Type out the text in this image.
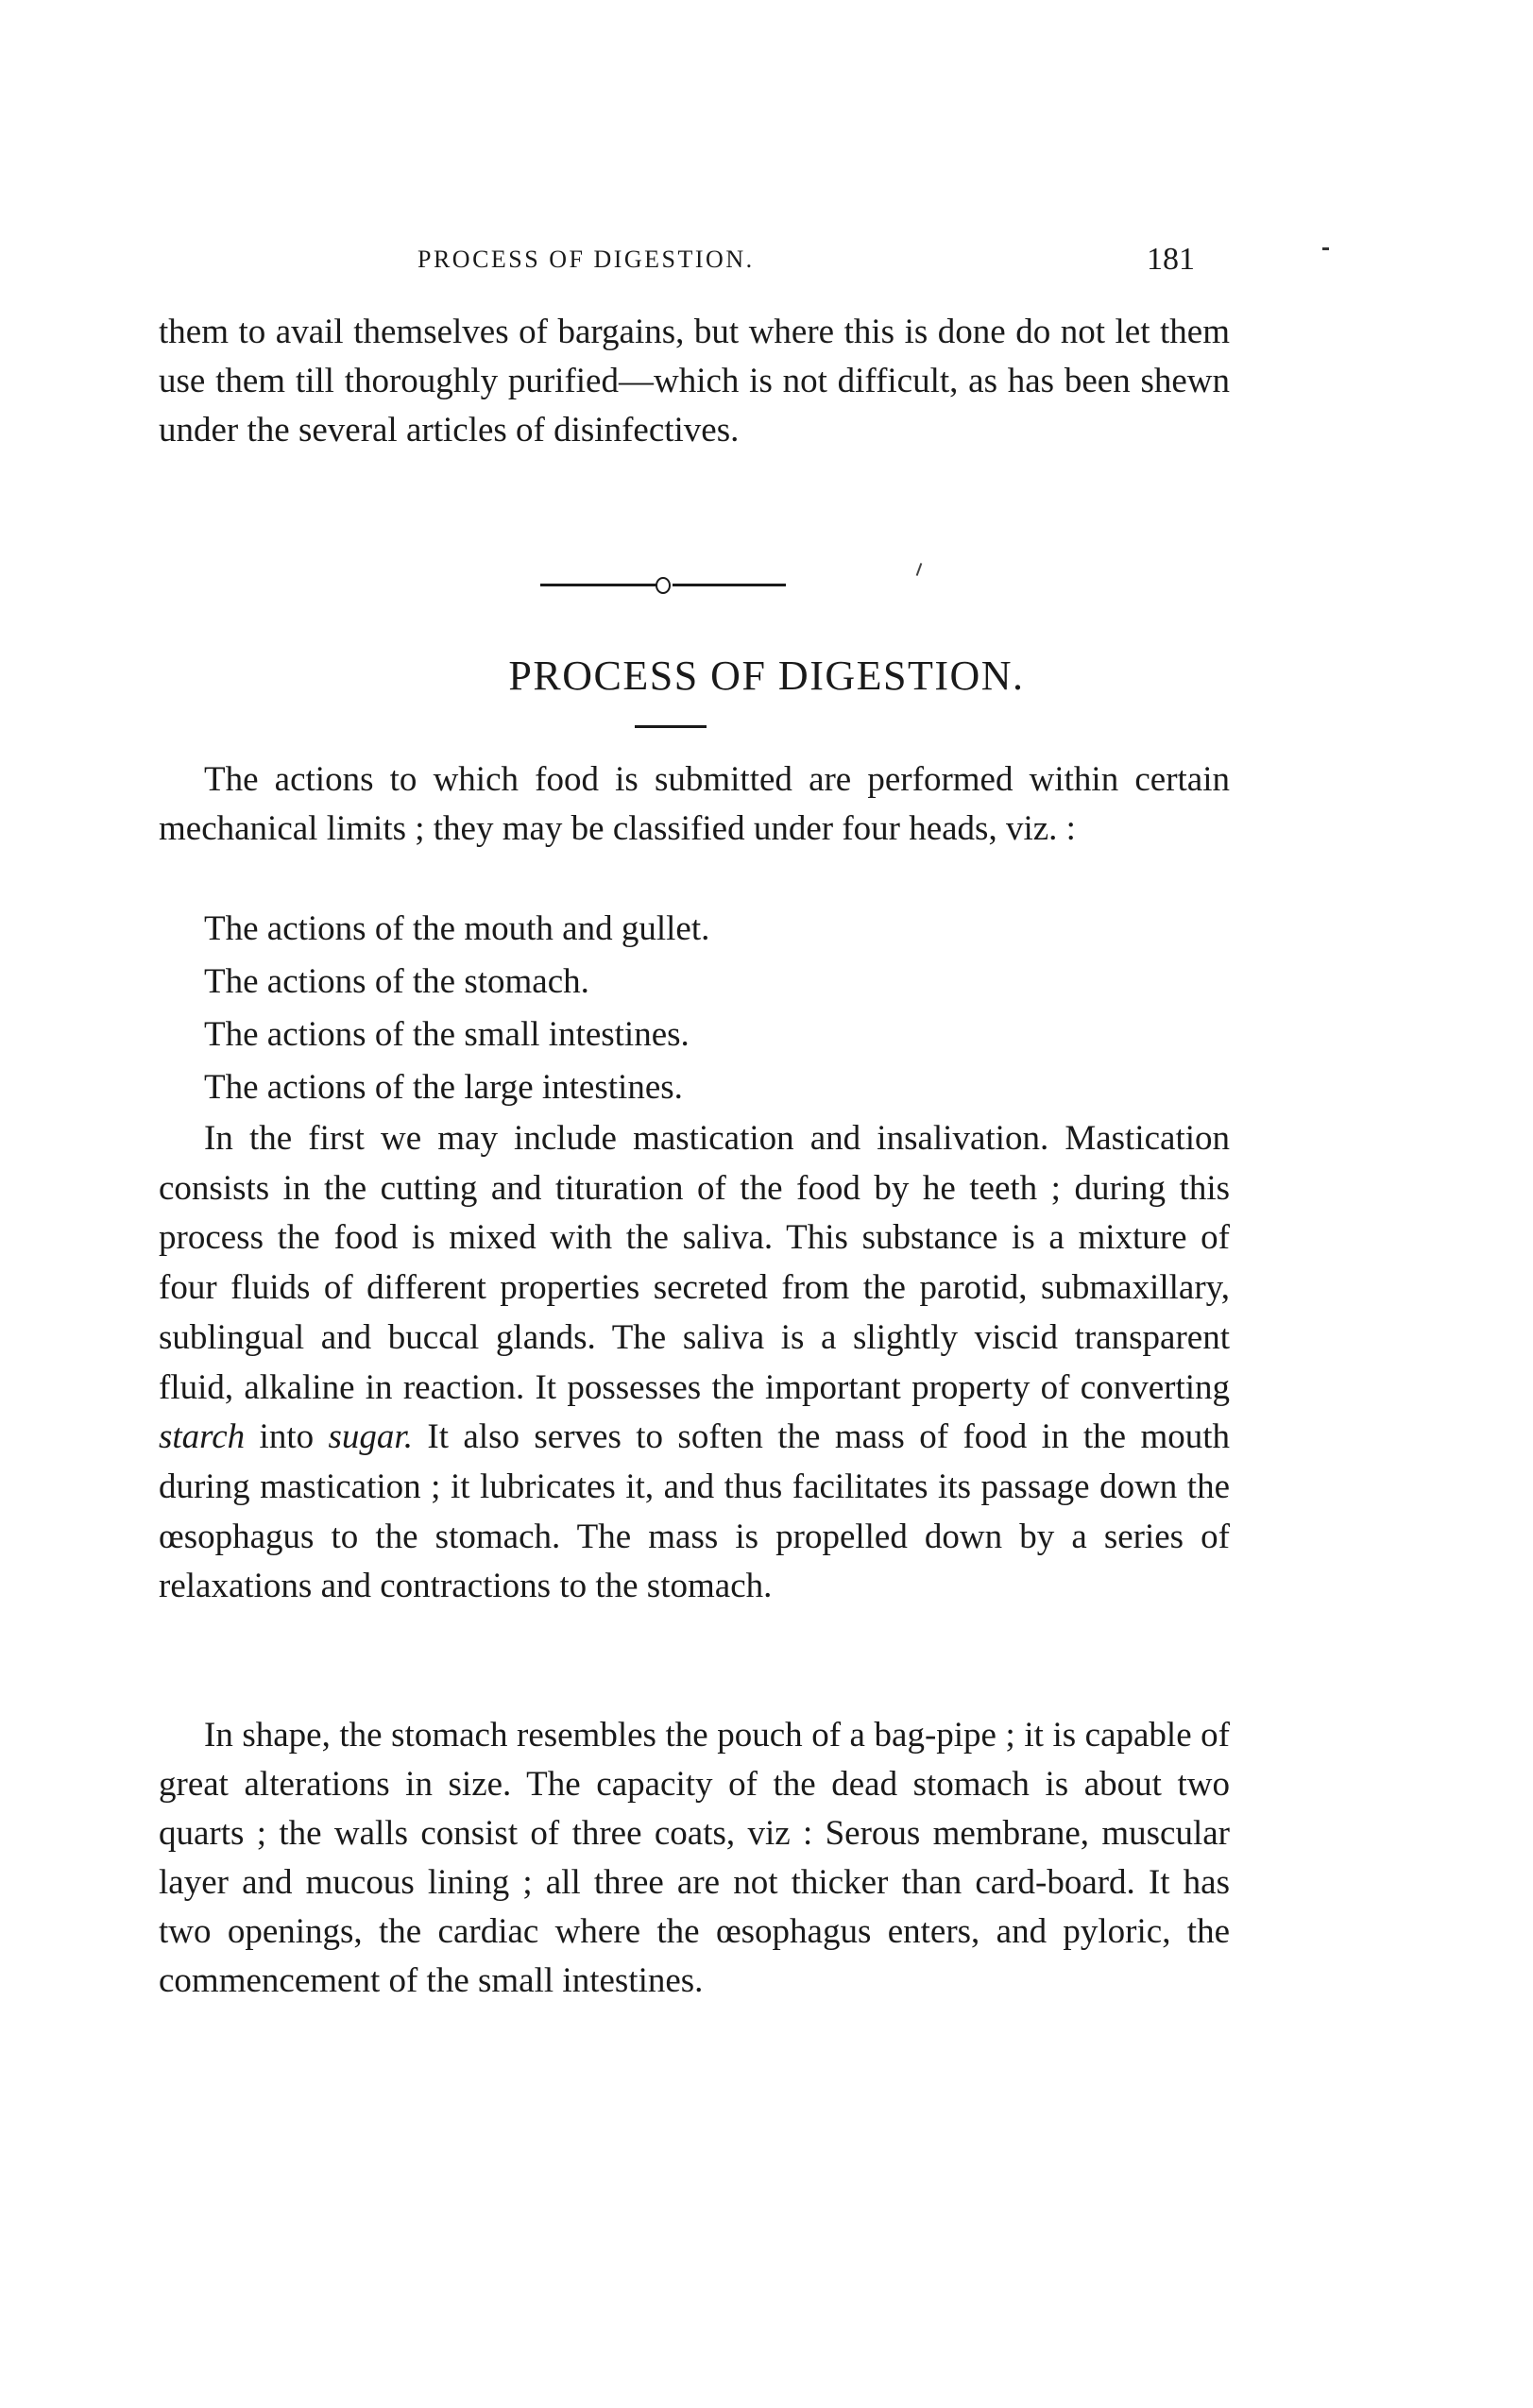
PROCESS OF DIGESTION.	181

them to avail themselves of bargains, but where this is done do not let them use them till thoroughly purified—which is not difficult, as has been shewn under the several articles of disinfectives.

PROCESS OF DIGESTION.

The actions to which food is submitted are performed within certain mechanical limits ; they may be classified under four heads, viz. :

The actions of the mouth and gullet.
The actions of the stomach.
The actions of the small intestines.
The actions of the large intestines.

In the first we may include mastication and insalivation. Mastication consists in the cutting and tituration of the food by he teeth ; during this process the food is mixed with the saliva. This substance is a mixture of four fluids of different properties secreted from the parotid, submaxillary, sublingual and buccal glands. The saliva is a slightly viscid transparent fluid, alkaline in reaction. It possesses the important property of converting starch into sugar. It also serves to soften the mass of food in the mouth during mastication ; it lubricates it, and thus facilitates its passage down the œsophagus to the stomach. The mass is propelled down by a series of relaxations and contractions to the stomach.

In shape, the stomach resembles the pouch of a bag-pipe ; it is capable of great alterations in size. The capacity of the dead stomach is about two quarts ; the walls consist of three coats, viz : Serous membrane, muscular layer and mucous lining ; all three are not thicker than card-board. It has two openings, the cardiac where the œsophagus enters, and pyloric, the commencement of the small intestines.
